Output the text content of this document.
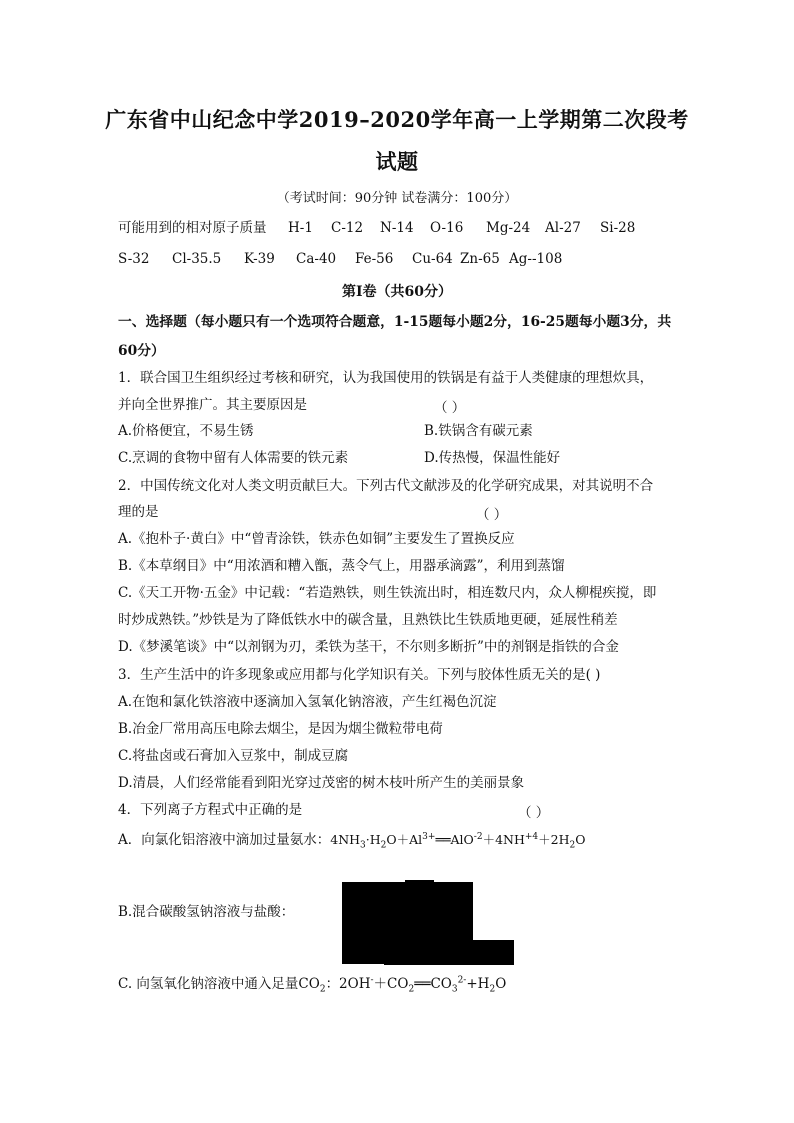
广东省中山纪念中学2019–2020学年高一上学期第二次段考
试题
（考试时间：90分钟 试卷满分：100分）
可能用到的相对原子质量 H-1 C-12 N-14 O-16 Mg-24 Al-27 Si-28
S-32 Cl-35.5 K-39 Ca-40 Fe-56 Cu-64 Zn-65 Ag--108
第Ⅰ卷（共60分）
一、选择题（每小题只有一个选项符合题意，1-15题每小题2分，16-25题每小题3分，共
60分）
1．联合国卫生组织经过考核和研究，认为我国使用的铁锅是有益于人类健康的理想炊具，
并向全世界推广。其主要原因是	（ ）
A.价格便宜，不易生锈	B.铁锅含有碳元素
C.烹调的食物中留有人体需要的铁元素	D.传热慢，保温性能好
2．中国传统文化对人类文明贡献巨大。下列古代文献涉及的化学研究成果，对其说明不合
理的是	（ ）
A.《抱朴子·黄白》中“曾青涂铁，铁赤色如铜”主要发生了置换反应
B.《本草纲目》中“用浓酒和糟入甑，蒸令气上，用器承滴露”，利用到蒸馏
C.《天工开物·五金》中记载：“若造熟铁，则生铁流出时，相连数尺内，众人柳棍疾搅，即
时炒成熟铁。”炒铁是为了降低铁水中的碳含量，且熟铁比生铁质地更硬，延展性稍差
D.《梦溪笔谈》中“以剂钢为刃，柔铁为茎干，不尔则多断折”中的剂钢是指铁的合金
3．生产生活中的许多现象或应用都与化学知识有关。下列与胶体性质无关的是( )
A.在饱和氯化铁溶液中逐滴加入氢氧化钠溶液，产生红褐色沉淀
B.冶金厂常用高压电除去烟尘，是因为烟尘微粒带电荷
C.将盐卤或石膏加入豆浆中，制成豆腐
D.清晨，人们经常能看到阳光穿过茂密的树木枝叶所产生的美丽景象
4．下列离子方程式中正确的是	（ ）
A．向氯化铝溶液中滴加过量氨水：$4NH_3\cdot H_2O+Al^{3+}══AlO^{-2}+4NH^{+4}+2H_2O$
B.混合碳酸氢钠溶液与盐酸：
C. 向氢氧化钠溶液中通入足量$CO_2$：$2OH^-+CO_2══CO_3^{2-}+H_2O$
